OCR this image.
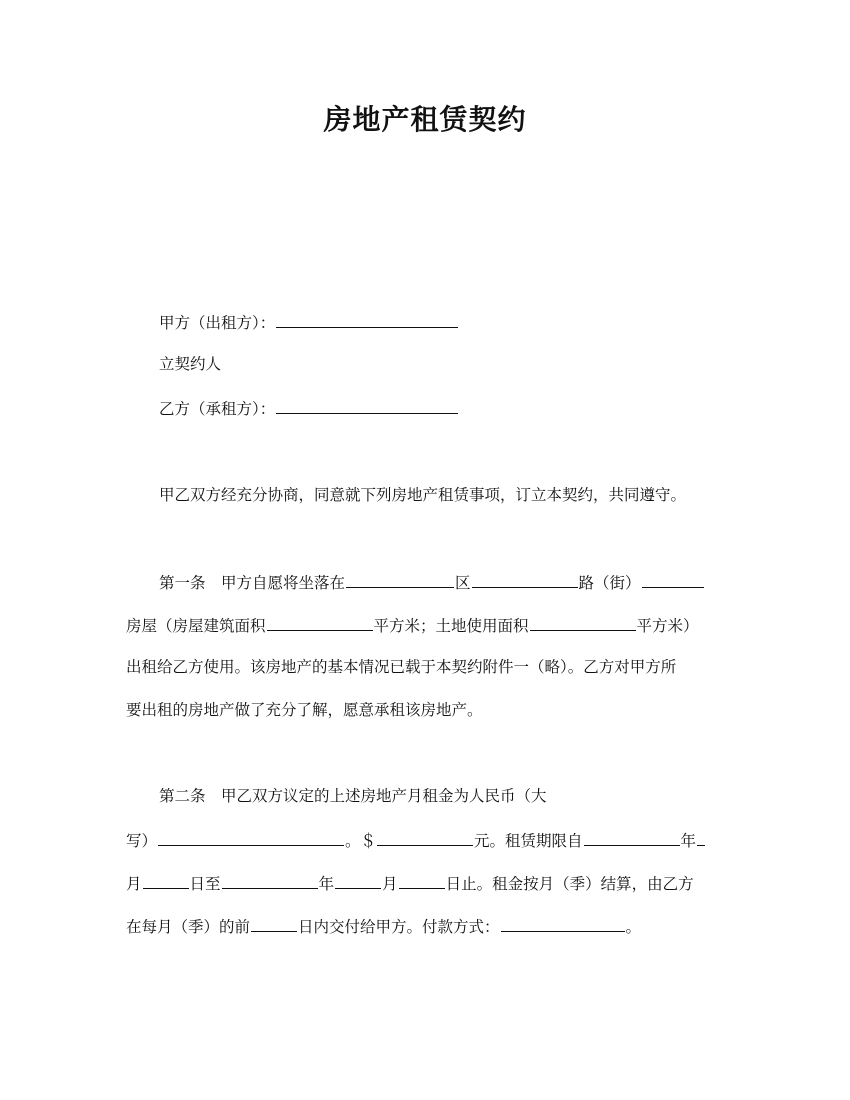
房地产租赁契约
甲方（出租方）：
立契约人
乙方（承租方）：
甲乙双方经充分协商，同意就下列房地产租赁事项，订立本契约，共同遵守。
第一条　甲方自愿将坐落在	区	路（街）
房屋（房屋建筑面积	平方米；土地使用面积	平方米）
出租给乙方使用。该房地产的基本情况已载于本契约附件一（略）。乙方对甲方所
要出租的房地产做了充分了解，愿意承租该房地产。
第二条　甲乙双方议定的上述房地产月租金为人民币（大
写）	。＄	元。租赁期限自	年
月	日至	年	月	日止。租金按月（季）结算，由乙方
在每月（季）的前	日内交付给甲方。付款方式：	。
